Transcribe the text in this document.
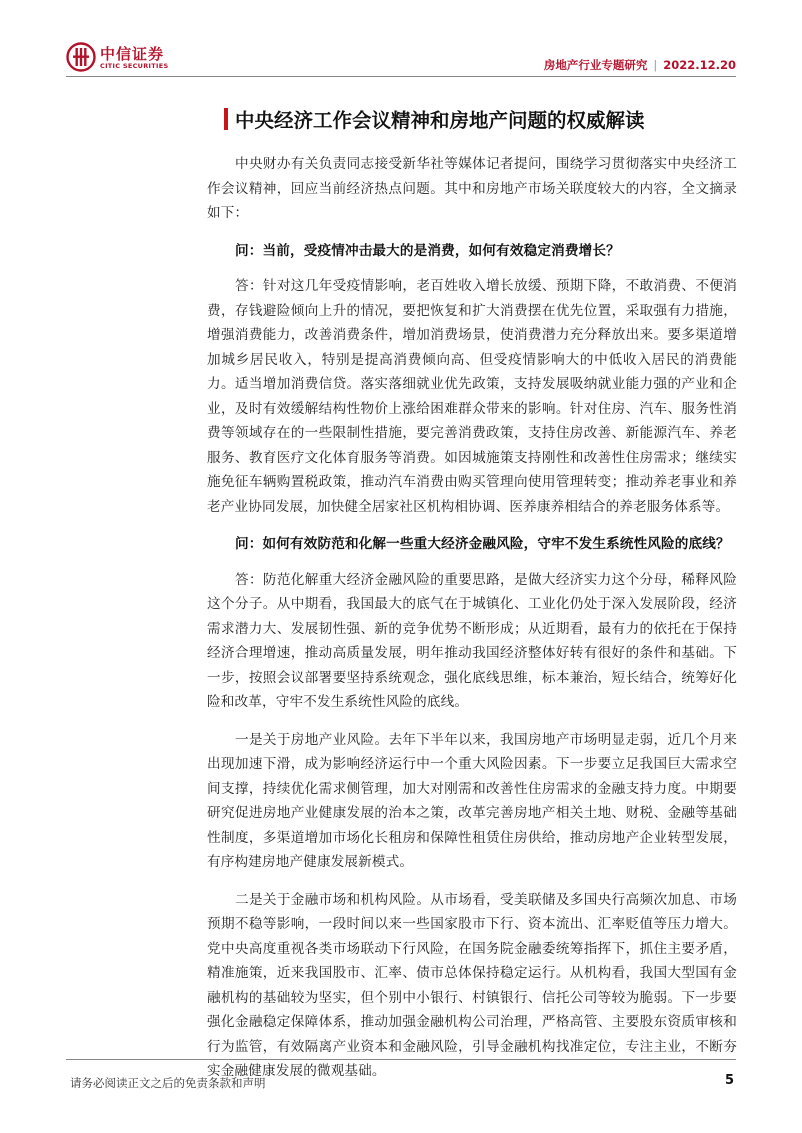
中信证券
CITIC SECURITIES	房地产行业专题研究 | 2022.12.20
中央经济工作会议精神和房地产问题的权威解读

中央财办有关负责同志接受新华社等媒体记者提问，围绕学习贯彻落实中央经济工作会议精神，回应当前经济热点问题。其中和房地产市场关联度较大的内容，全文摘录如下：

问：当前，受疫情冲击最大的是消费，如何有效稳定消费增长？

答：针对这几年受疫情影响，老百姓收入增长放缓、预期下降，不敢消费、不便消费，存钱避险倾向上升的情况，要把恢复和扩大消费摆在优先位置，采取强有力措施，增强消费能力，改善消费条件，增加消费场景，使消费潜力充分释放出来。要多渠道增加城乡居民收入，特别是提高消费倾向高、但受疫情影响大的中低收入居民的消费能力。适当增加消费信贷。落实落细就业优先政策，支持发展吸纳就业能力强的产业和企业，及时有效缓解结构性物价上涨给困难群众带来的影响。针对住房、汽车、服务性消费等领域存在的一些限制性措施，要完善消费政策，支持住房改善、新能源汽车、养老服务、教育医疗文化体育服务等消费。如因城施策支持刚性和改善性住房需求；继续实施免征车辆购置税政策，推动汽车消费由购买管理向使用管理转变；推动养老事业和养老产业协同发展，加快健全居家社区机构相协调、医养康养相结合的养老服务体系等。

问：如何有效防范和化解一些重大经济金融风险，守牢不发生系统性风险的底线？

答：防范化解重大经济金融风险的重要思路，是做大经济实力这个分母，稀释风险这个分子。从中期看，我国最大的底气在于城镇化、工业化仍处于深入发展阶段，经济需求潜力大、发展韧性强、新的竞争优势不断形成；从近期看，最有力的依托在于保持经济合理增速，推动高质量发展，明年推动我国经济整体好转有很好的条件和基础。下一步，按照会议部署要坚持系统观念，强化底线思维，标本兼治，短长结合，统筹好化险和改革，守牢不发生系统性风险的底线。

一是关于房地产业风险。去年下半年以来，我国房地产市场明显走弱，近几个月来出现加速下滑，成为影响经济运行中一个重大风险因素。下一步要立足我国巨大需求空间支撑，持续优化需求侧管理，加大对刚需和改善性住房需求的金融支持力度。中期要研究促进房地产业健康发展的治本之策，改革完善房地产相关土地、财税、金融等基础性制度，多渠道增加市场化长租房和保障性租赁住房供给，推动房地产企业转型发展，有序构建房地产健康发展新模式。

二是关于金融市场和机构风险。从市场看，受美联储及多国央行高频次加息、市场预期不稳等影响，一段时间以来一些国家股市下行、资本流出、汇率贬值等压力增大。党中央高度重视各类市场联动下行风险，在国务院金融委统筹指挥下，抓住主要矛盾，精准施策，近来我国股市、汇率、债市总体保持稳定运行。从机构看，我国大型国有金融机构的基础较为坚实，但个别中小银行、村镇银行、信托公司等较为脆弱。下一步要强化金融稳定保障体系，推动加强金融机构公司治理，严格高管、主要股东资质审核和行为监管，有效隔离产业资本和金融风险，引导金融机构找准定位，专注主业，不断夯实金融健康发展的微观基础。

请务必阅读正文之后的免责条款和声明	5
